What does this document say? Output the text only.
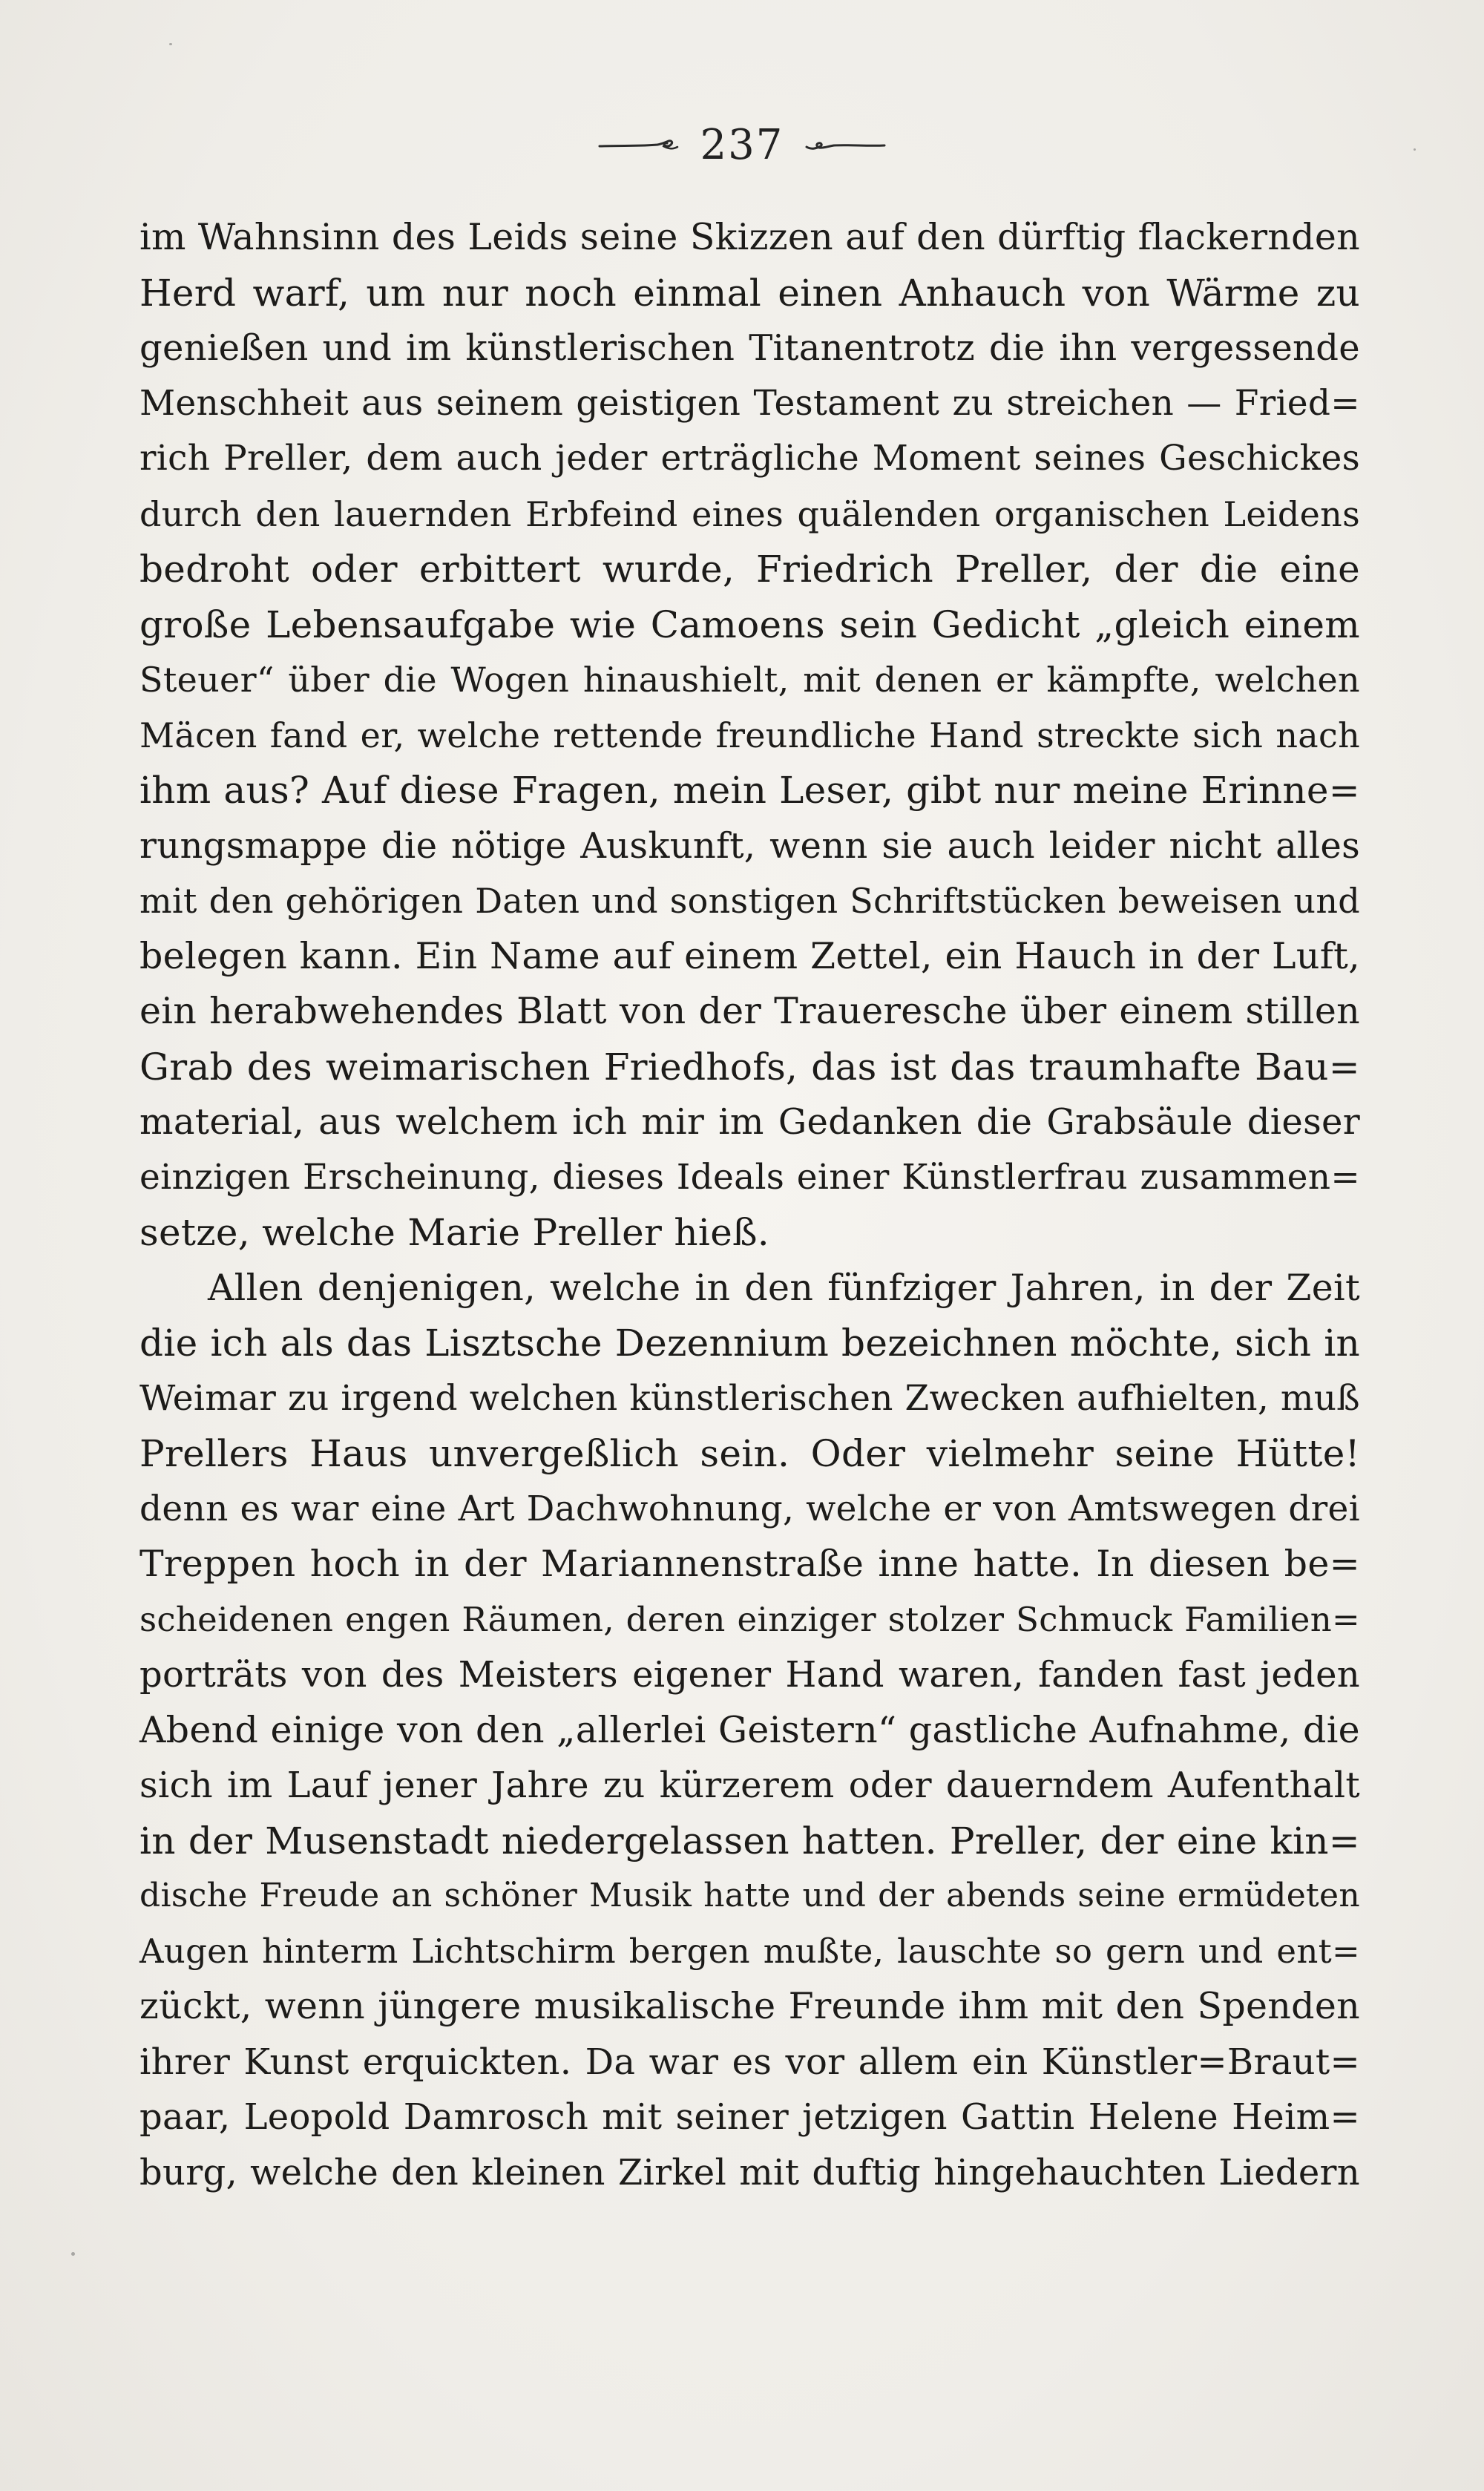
237
im Wahnsinn des Leids seine Skizzen auf den dürftig flackernden
Herd warf, um nur noch einmal einen Anhauch von Wärme zu
genießen und im künstlerischen Titanentrotz die ihn vergessende
Menschheit aus seinem geistigen Testament zu streichen — Fried=
rich Preller, dem auch jeder erträgliche Moment seines Geschickes
durch den lauernden Erbfeind eines quälenden organischen Leidens
bedroht oder erbittert wurde, Friedrich Preller, der die eine
große Lebensaufgabe wie Camoens sein Gedicht „gleich einem
Steuer“ über die Wogen hinaushielt, mit denen er kämpfte, welchen
Mäcen fand er, welche rettende freundliche Hand streckte sich nach
ihm aus? Auf diese Fragen, mein Leser, gibt nur meine Erinne=
rungsmappe die nötige Auskunft, wenn sie auch leider nicht alles
mit den gehörigen Daten und sonstigen Schriftstücken beweisen und
belegen kann. Ein Name auf einem Zettel, ein Hauch in der Luft,
ein herabwehendes Blatt von der Traueresche über einem stillen
Grab des weimarischen Friedhofs, das ist das traumhafte Bau=
material, aus welchem ich mir im Gedanken die Grabsäule dieser
einzigen Erscheinung, dieses Ideals einer Künstlerfrau zusammen=
setze, welche Marie Preller hieß.
Allen denjenigen, welche in den fünfziger Jahren, in der Zeit
die ich als das Lisztsche Dezennium bezeichnen möchte, sich in
Weimar zu irgend welchen künstlerischen Zwecken aufhielten, muß
Prellers Haus unvergeßlich sein. Oder vielmehr seine Hütte!
denn es war eine Art Dachwohnung, welche er von Amtswegen drei
Treppen hoch in der Mariannenstraße inne hatte. In diesen be=
scheidenen engen Räumen, deren einziger stolzer Schmuck Familien=
porträts von des Meisters eigener Hand waren, fanden fast jeden
Abend einige von den „allerlei Geistern“ gastliche Aufnahme, die
sich im Lauf jener Jahre zu kürzerem oder dauerndem Aufenthalt
in der Musenstadt niedergelassen hatten. Preller, der eine kin=
dische Freude an schöner Musik hatte und der abends seine ermüdeten
Augen hinterm Lichtschirm bergen mußte, lauschte so gern und ent=
zückt, wenn jüngere musikalische Freunde ihm mit den Spenden
ihrer Kunst erquickten. Da war es vor allem ein Künstler=Braut=
paar, Leopold Damrosch mit seiner jetzigen Gattin Helene Heim=
burg, welche den kleinen Zirkel mit duftig hingehauchten Liedern
